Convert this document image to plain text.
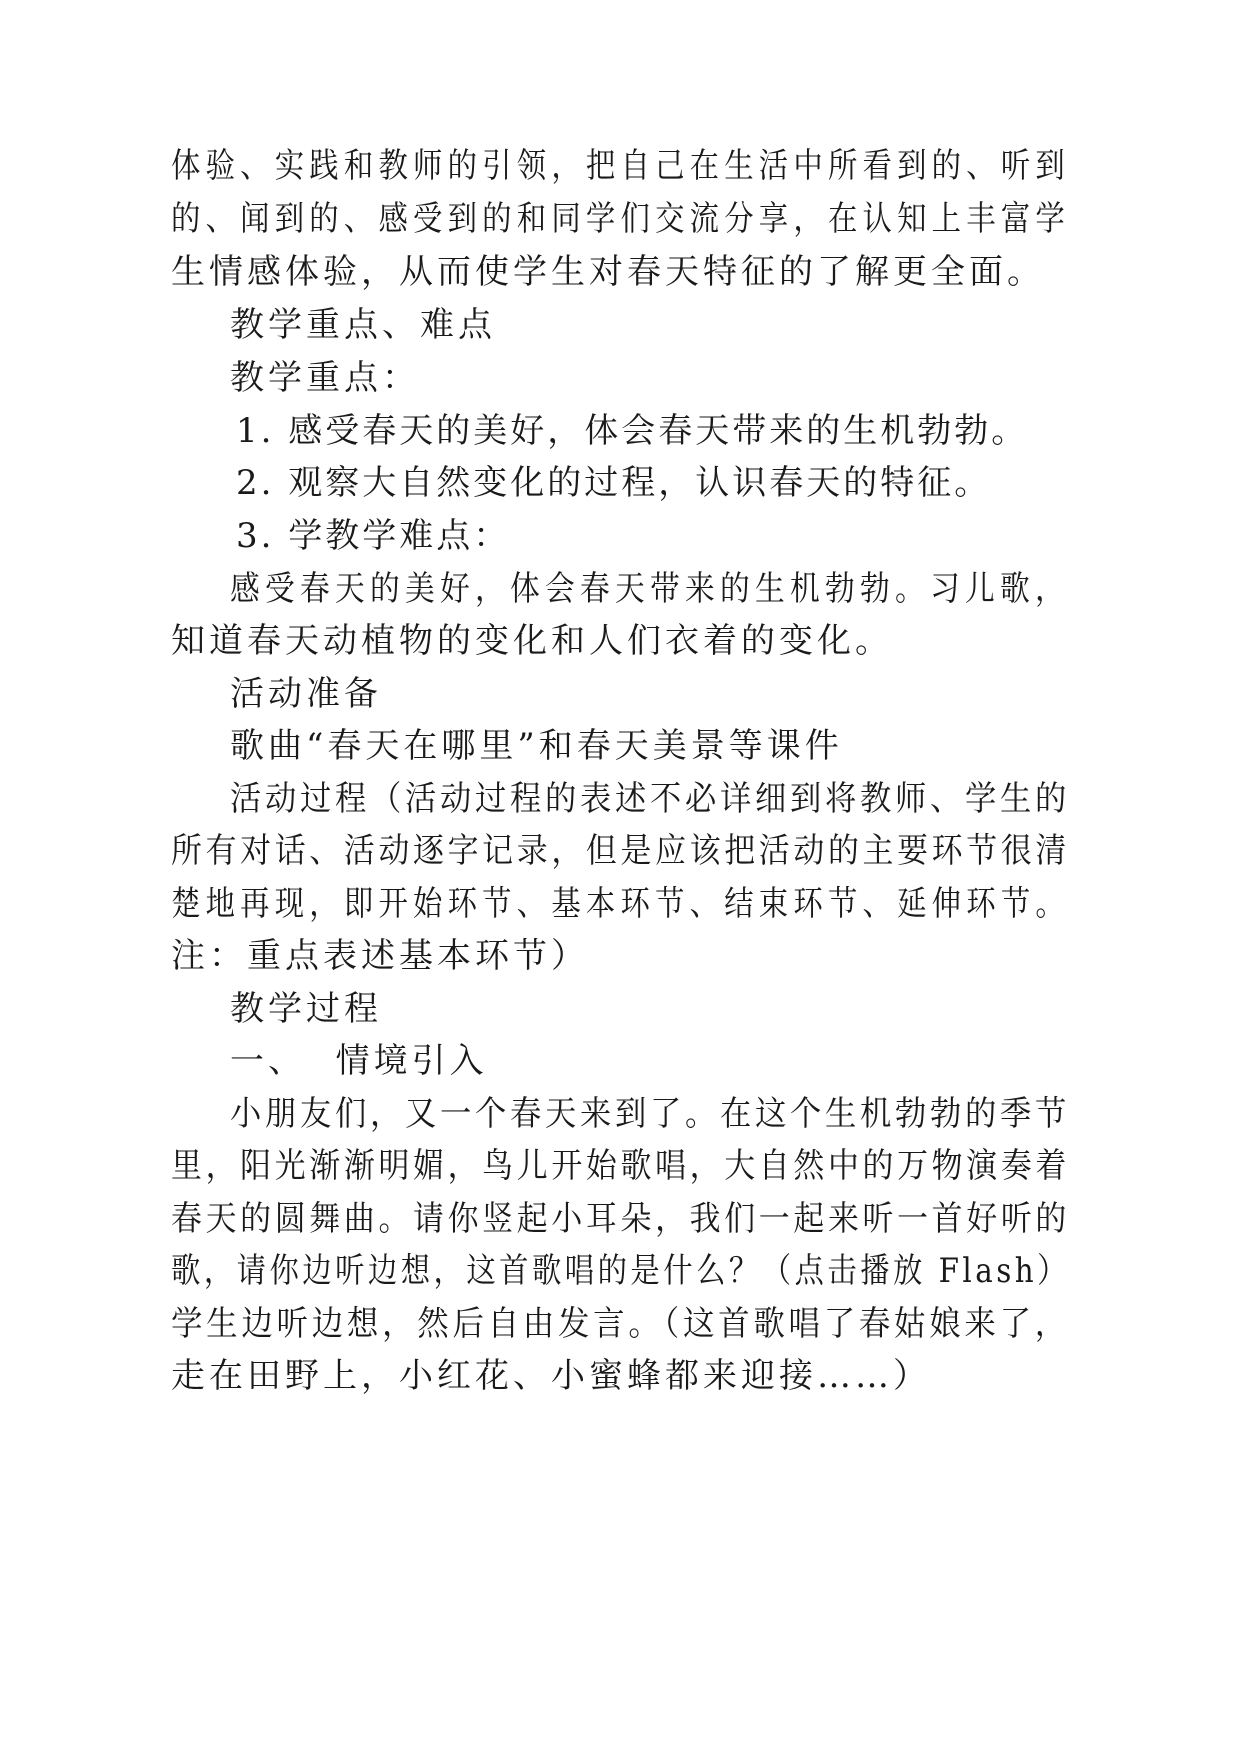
体验、实践和教师的引领，把自己在生活中所看到的、听到
的、闻到的、感受到的和同学们交流分享，在认知上丰富学
生情感体验，从而使学生对春天特征的了解更全面。
教学重点、难点
教学重点：
1. 感受春天的美好，体会春天带来的生机勃勃。
2. 观察大自然变化的过程，认识春天的特征。
3. 学教学难点：
感受春天的美好，体会春天带来的生机勃勃。习儿歌，
知道春天动植物的变化和人们衣着的变化。
活动准备
歌曲“春天在哪里”和春天美景等课件
活动过程（活动过程的表述不必详细到将教师、学生的
所有对话、活动逐字记录，但是应该把活动的主要环节很清
楚地再现，即开始环节、基本环节、结束环节、延伸环节。
注：重点表述基本环节）
教学过程
一、  情境引入
小朋友们，又一个春天来到了。在这个生机勃勃的季节
里，阳光渐渐明媚，鸟儿开始歌唱，大自然中的万物演奏着
春天的圆舞曲。请你竖起小耳朵，我们一起来听一首好听的
歌，请你边听边想，这首歌唱的是什么？（点击播放 Flash）
学生边听边想，然后自由发言。（这首歌唱了春姑娘来了，
走在田野上，小红花、小蜜蜂都来迎接……）
